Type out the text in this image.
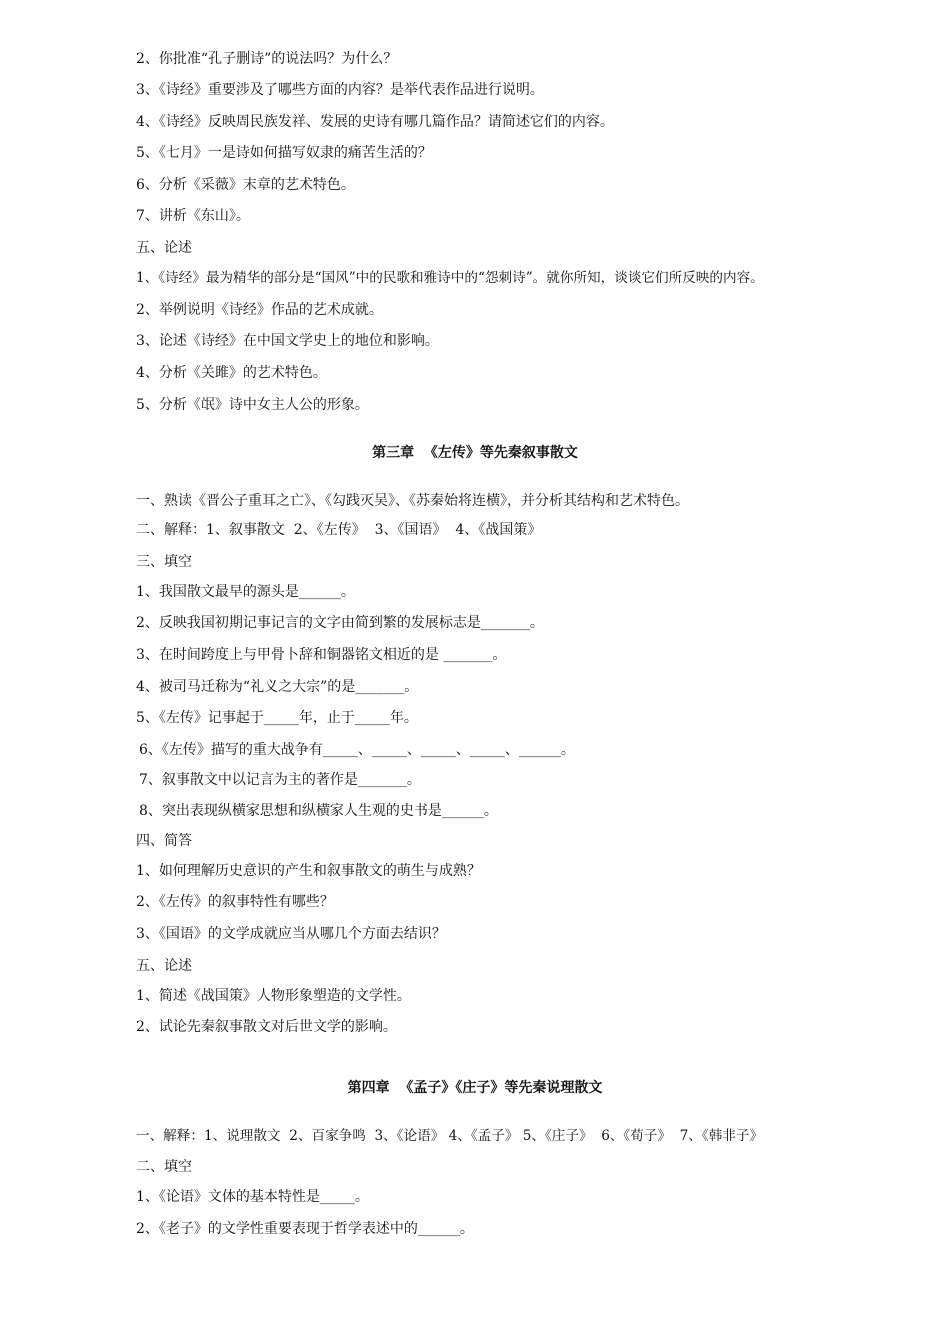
2、你批准“孔子删诗”的说法吗？为什么？
3、《诗经》重要涉及了哪些方面的内容？是举代表作品进行说明。
4、《诗经》反映周民族发祥、发展的史诗有哪几篇作品？请简述它们的内容。
5、《七月》一是诗如何描写奴隶的痛苦生活的？
6、分析《采薇》末章的艺术特色。
7、讲析《东山》。
五、论述
1、《诗经》最为精华的部分是“国风”中的民歌和雅诗中的“怨刺诗”。就你所知，谈谈它们所反映的内容。
2、举例说明《诗经》作品的艺术成就。
3、论述《诗经》在中国文学史上的地位和影响。
4、分析《关雎》的艺术特色。
5、分析《氓》诗中女主人公的形象。
第三章  《左传》等先秦叙事散文
一、熟读《晋公子重耳之亡》、《勾践灭吴》、《苏秦始将连横》，并分析其结构和艺术特色。
二、解释：1、叙事散文  2、《左传》  3、《国语》  4、《战国策》
三、填空
1、我国散文最早的源头是______。
2、反映我国初期记事记言的文字由简到繁的发展标志是_______。
3、在时间跨度上与甲骨卜辞和铜器铭文相近的是 _______。
4、被司马迁称为“礼义之大宗”的是_______。
5、《左传》记事起于_____年，止于_____年。
6、《左传》描写的重大战争有_____、_____、_____、_____、______。
7、叙事散文中以记言为主的著作是_______。
8、突出表现纵横家思想和纵横家人生观的史书是______。
四、简答
1、如何理解历史意识的产生和叙事散文的萌生与成熟？
2、《左传》的叙事特性有哪些？
3、《国语》的文学成就应当从哪几个方面去结识？
五、论述
1、简述《战国策》人物形象塑造的文学性。
2、试论先秦叙事散文对后世文学的影响。
第四章  《孟子》《庄子》等先秦说理散文
一、解释：1、说理散文  2、百家争鸣  3、《论语》 4、《孟子》 5、《庄子》  6、《荀子》  7、《韩非子》
二、填空
1、《论语》文体的基本特性是_____。
2、《老子》的文学性重要表现于哲学表述中的______。
